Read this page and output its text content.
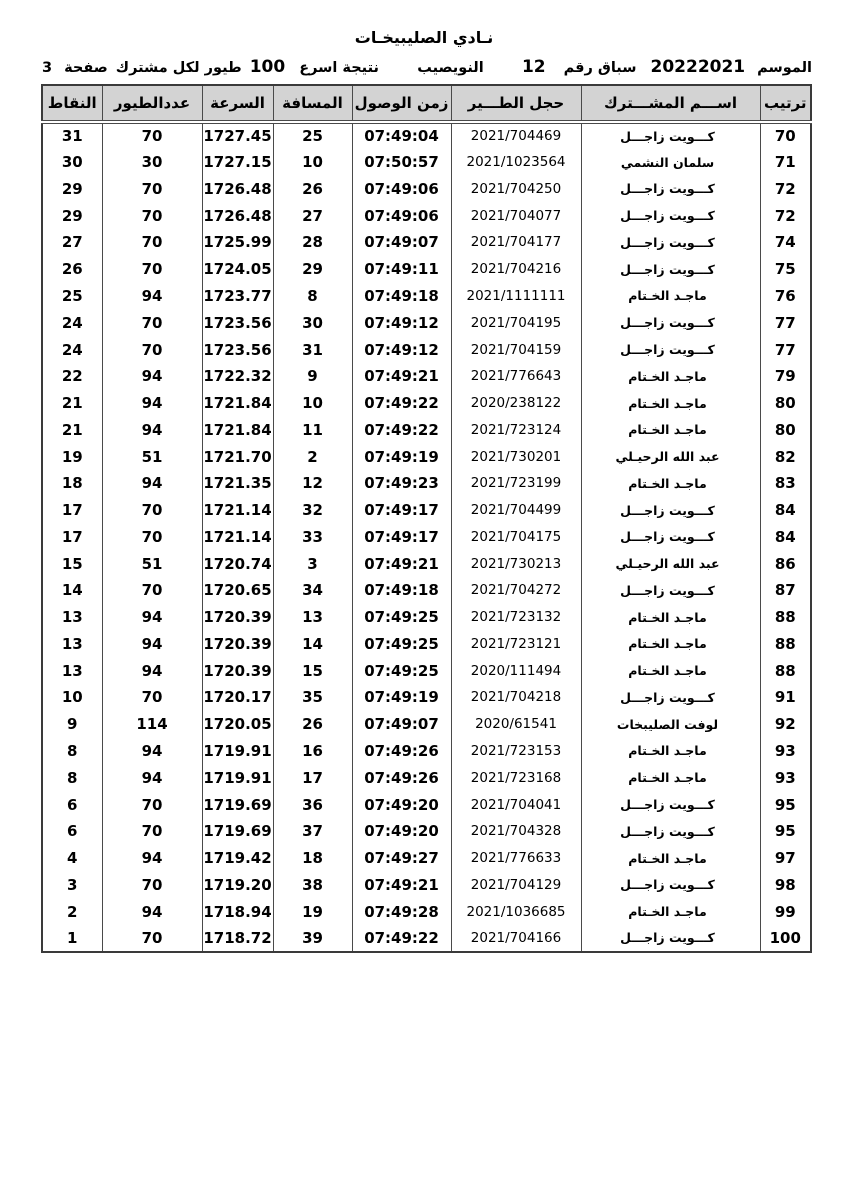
نـادي الصليبيخـات
الموسم
20222021
سباق رقم
12
النويصيب
نتيجة اسرع
100
طيور لكل مشترك
صفحة
3
ترتيب	اســـم المشـــترك	حجل الطـــير	زمن الوصول	المسافة	السرعة	عددالطيور	النقاط
70	كـــويت زاجـــل	2021/704469	07:49:04	25	1727.45	70	31
71	سلمان النشمي	2021/1023564	07:50:57	10	1727.15	30	30
72	كـــويت زاجـــل	2021/704250	07:49:06	26	1726.48	70	29
72	كـــويت زاجـــل	2021/704077	07:49:06	27	1726.48	70	29
74	كـــويت زاجـــل	2021/704177	07:49:07	28	1725.99	70	27
75	كـــويت زاجـــل	2021/704216	07:49:11	29	1724.05	70	26
76	ماجـد الخـتام	2021/1111111	07:49:18	8	1723.77	94	25
77	كـــويت زاجـــل	2021/704195	07:49:12	30	1723.56	70	24
77	كـــويت زاجـــل	2021/704159	07:49:12	31	1723.56	70	24
79	ماجـد الخـتام	2021/776643	07:49:21	9	1722.32	94	22
80	ماجـد الخـتام	2020/238122	07:49:22	10	1721.84	94	21
80	ماجـد الخـتام	2021/723124	07:49:22	11	1721.84	94	21
82	عبد الله الرحيـلي	2021/730201	07:49:19	2	1721.70	51	19
83	ماجـد الخـتام	2021/723199	07:49:23	12	1721.35	94	18
84	كـــويت زاجـــل	2021/704499	07:49:17	32	1721.14	70	17
84	كـــويت زاجـــل	2021/704175	07:49:17	33	1721.14	70	17
86	عبد الله الرحيـلي	2021/730213	07:49:21	3	1720.74	51	15
87	كـــويت زاجـــل	2021/704272	07:49:18	34	1720.65	70	14
88	ماجـد الخـتام	2021/723132	07:49:25	13	1720.39	94	13
88	ماجـد الخـتام	2021/723121	07:49:25	14	1720.39	94	13
88	ماجـد الخـتام	2020/111494	07:49:25	15	1720.39	94	13
91	كـــويت زاجـــل	2021/704218	07:49:19	35	1720.17	70	10
92	لوفت الصليبخات	2020/61541	07:49:07	26	1720.05	114	9
93	ماجـد الخـتام	2021/723153	07:49:26	16	1719.91	94	8
93	ماجـد الخـتام	2021/723168	07:49:26	17	1719.91	94	8
95	كـــويت زاجـــل	2021/704041	07:49:20	36	1719.69	70	6
95	كـــويت زاجـــل	2021/704328	07:49:20	37	1719.69	70	6
97	ماجـد الخـتام	2021/776633	07:49:27	18	1719.42	94	4
98	كـــويت زاجـــل	2021/704129	07:49:21	38	1719.20	70	3
99	ماجـد الخـتام	2021/1036685	07:49:28	19	1718.94	94	2
100	كـــويت زاجـــل	2021/704166	07:49:22	39	1718.72	70	1
